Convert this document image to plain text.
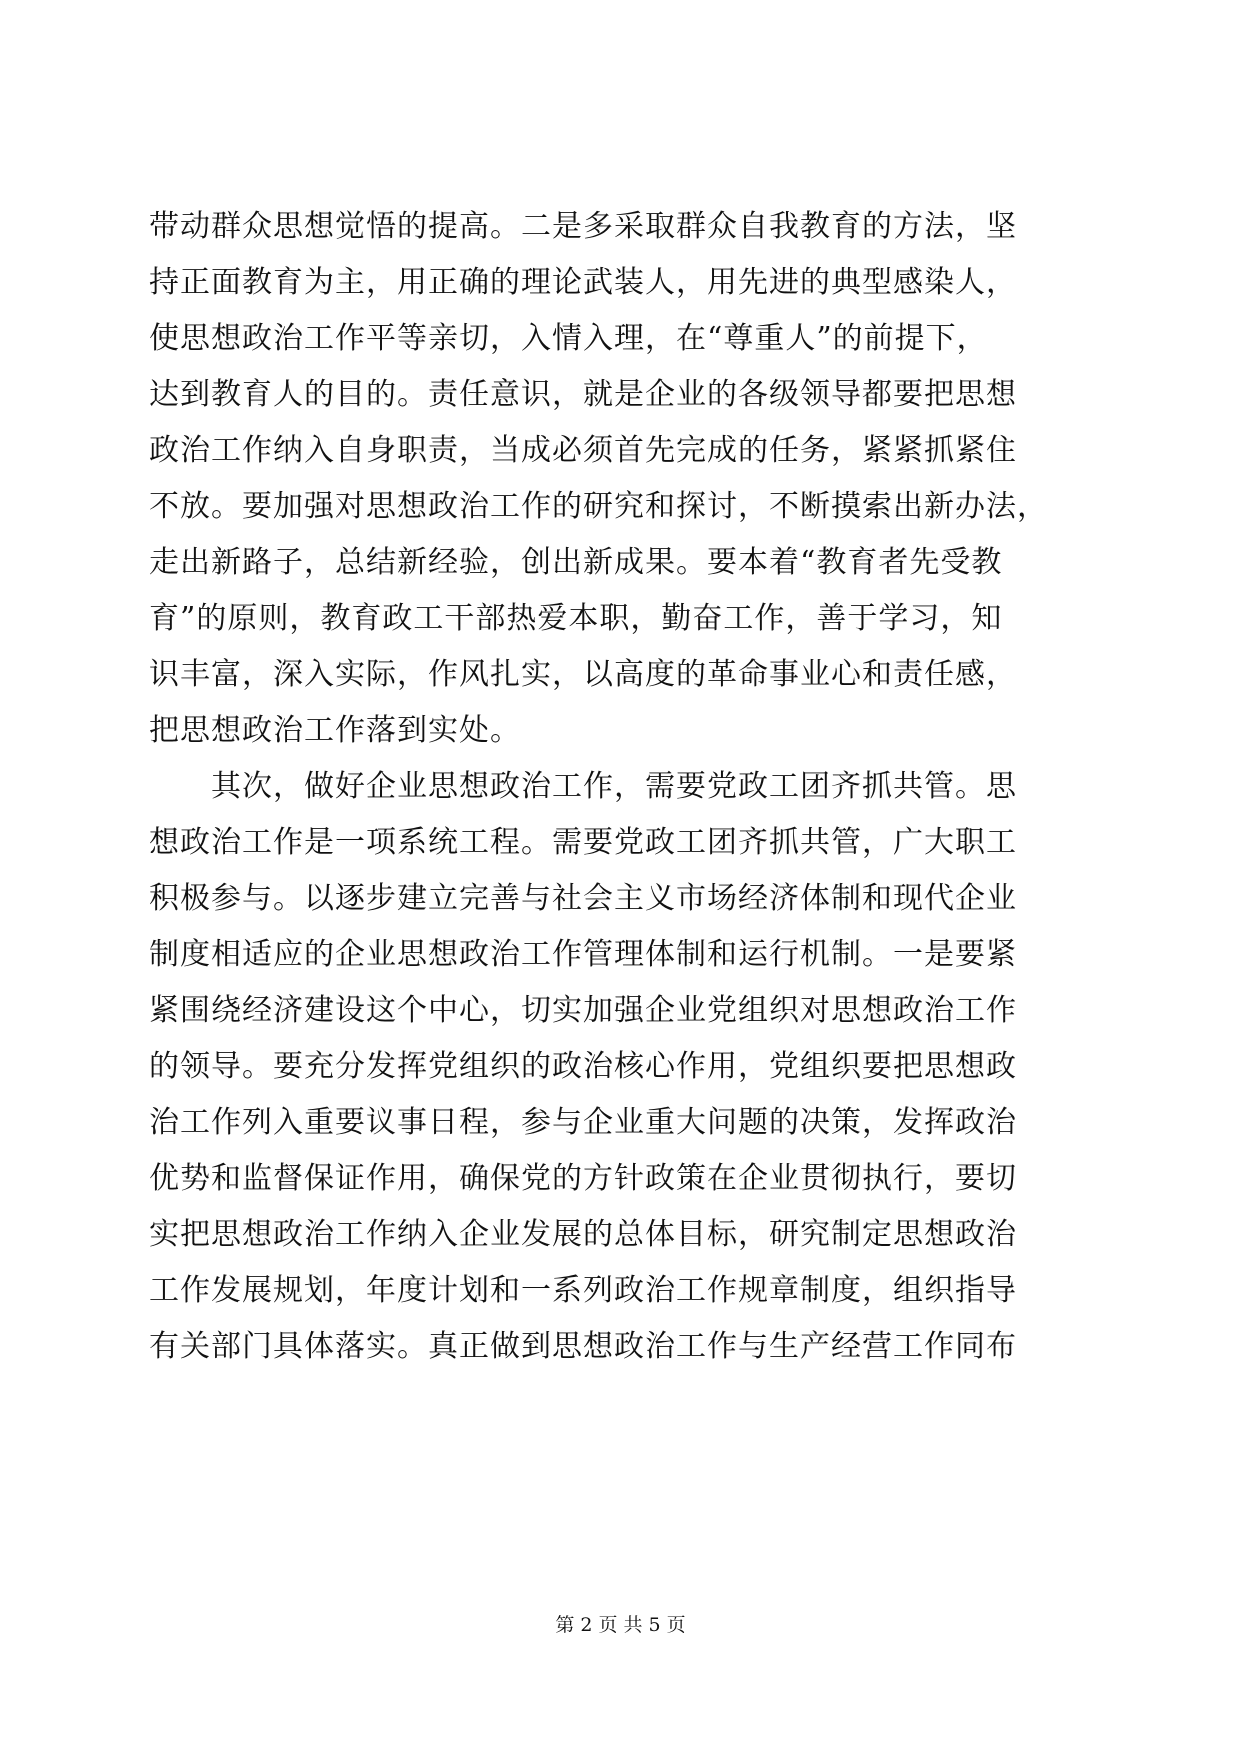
带动群众思想觉悟的提高。二是多采取群众自我教育的方法，坚
持正面教育为主，用正确的理论武装人，用先进的典型感染人，
使思想政治工作平等亲切，入情入理，在“尊重人”的前提下，
达到教育人的目的。责任意识，就是企业的各级领导都要把思想
政治工作纳入自身职责，当成必须首先完成的任务，紧紧抓紧住
不放。要加强对思想政治工作的研究和探讨，不断摸索出新办法，
走出新路子，总结新经验，创出新成果。要本着“教育者先受教
育”的原则，教育政工干部热爱本职，勤奋工作，善于学习，知
识丰富，深入实际，作风扎实，以高度的革命事业心和责任感，
把思想政治工作落到实处。
　　其次，做好企业思想政治工作，需要党政工团齐抓共管。思
想政治工作是一项系统工程。需要党政工团齐抓共管，广大职工
积极参与。以逐步建立完善与社会主义市场经济体制和现代企业
制度相适应的企业思想政治工作管理体制和运行机制。一是要紧
紧围绕经济建设这个中心，切实加强企业党组织对思想政治工作
的领导。要充分发挥党组织的政治核心作用，党组织要把思想政
治工作列入重要议事日程，参与企业重大问题的决策，发挥政治
优势和监督保证作用，确保党的方针政策在企业贯彻执行，要切
实把思想政治工作纳入企业发展的总体目标，研究制定思想政治
工作发展规划，年度计划和一系列政治工作规章制度，组织指导
有关部门具体落实。真正做到思想政治工作与生产经营工作同布
第 2 页 共 5 页
